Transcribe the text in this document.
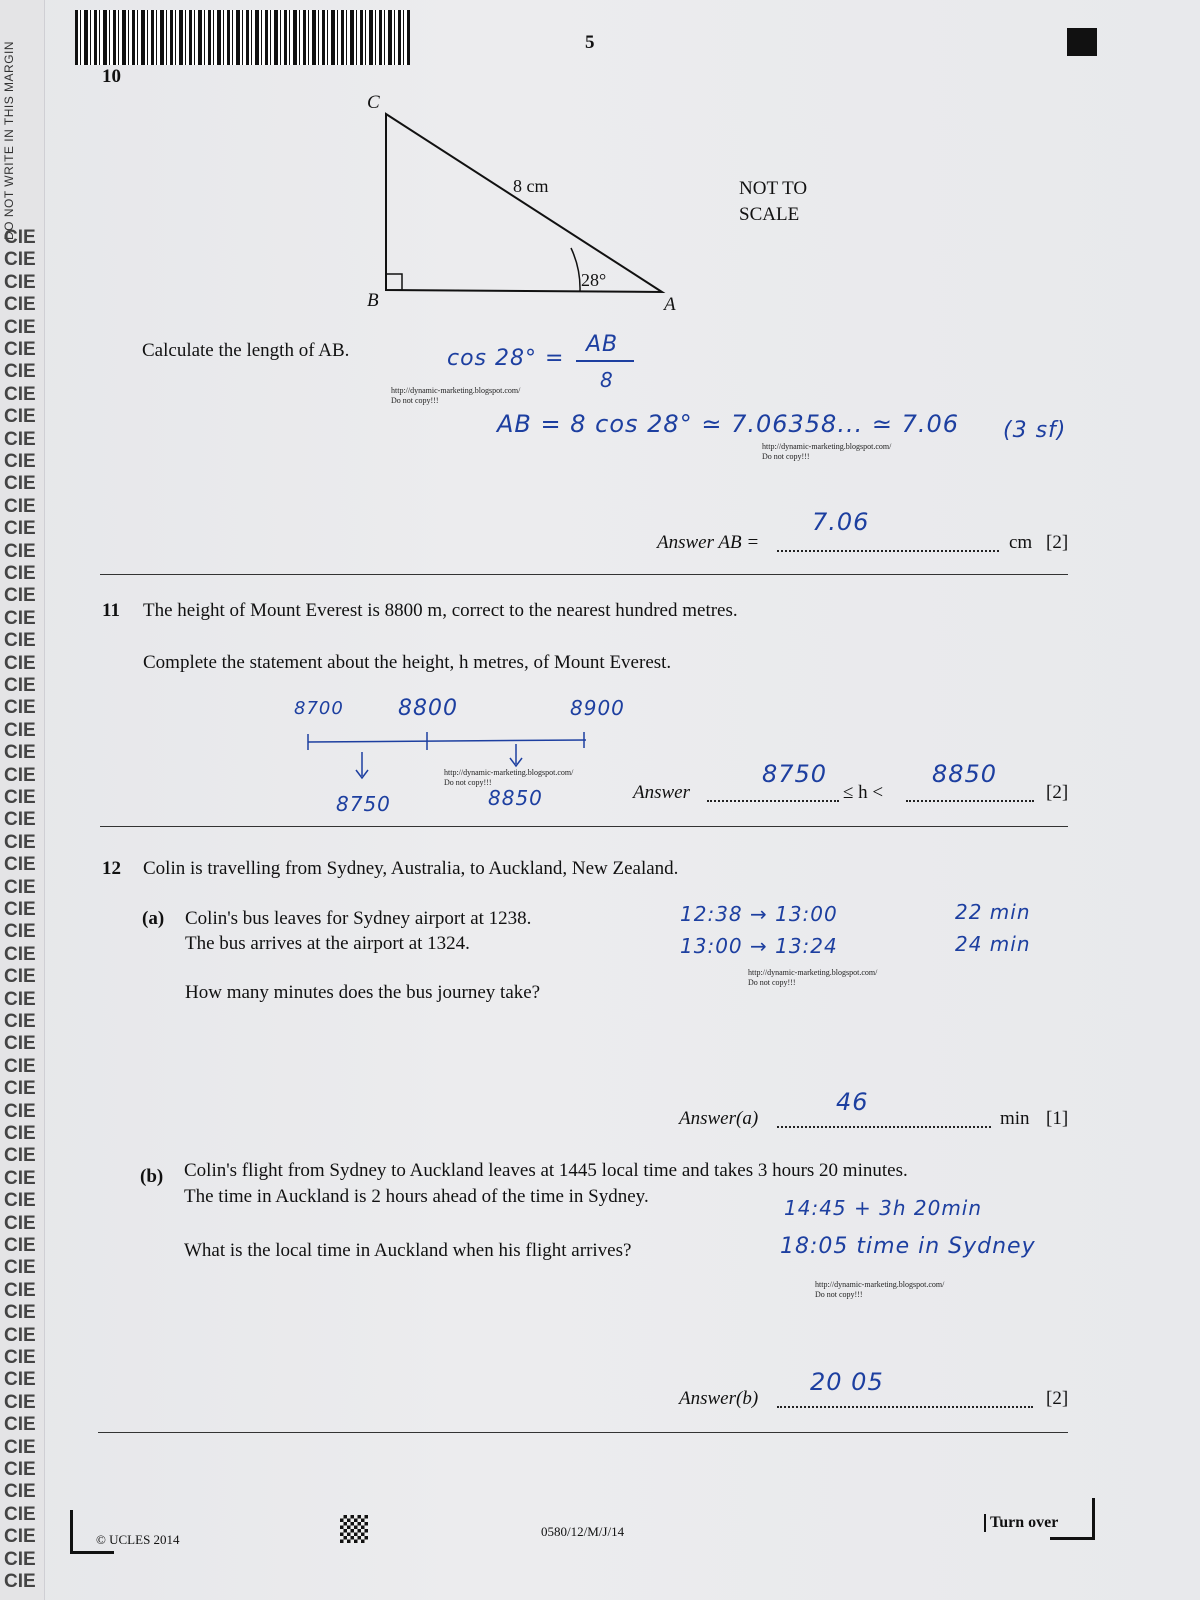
DO NOT WRITE IN THIS MARGIN
CIE
CIE
CIE
CIE
CIE
CIE
CIE
CIE
CIE
CIE
CIE
CIE
CIE
CIE
CIE
CIE
CIE
CIE
CIE
CIE
CIE
CIE
CIE
CIE
CIE
CIE
CIE
CIE
CIE
CIE
CIE
CIE
CIE
CIE
CIE
CIE
CIE
CIE
CIE
CIE
CIE
CIE
CIE
CIE
CIE
CIE
CIE
CIE
CIE
CIE
CIE
CIE
CIE
CIE
CIE
CIE
CIE
CIE
CIE
CIE
CIE
5
10
C
B	A
8 cm
28°
NOT TO
SCALE
Calculate the length of AB.	cos 28° =
AB
8
AB = 8 cos 28° ≃ 7.06358... ≃ 7.06 (3 sf)
http://dynamic-marketing.blogspot.com/
Do not copy!!!
http://dynamic-marketing.blogspot.com/
Do not copy!!!
Answer AB =
7.06
cm [2]
11 The height of Mount Everest is 8800 m, correct to the nearest hundred metres.
Complete the statement about the height, h metres, of Mount Everest.
8700 8800	8900
8750	8850
http://dynamic-marketing.blogspot.com/
Do not copy!!!	Answer
8750
≤ h <
8850
[2]
12 Colin is travelling from Sydney, Australia, to Auckland, New Zealand.
(a) Colin's bus leaves for Sydney airport at 1238.
The bus arrives at the airport at 1324.
How many minutes does the bus journey take?
12:38 → 13:00	22 min
13:00 → 13:24	24 min
http://dynamic-marketing.blogspot.com/
Do not copy!!!
Answer(a)
46
min [1]
(b) Colin's flight from Sydney to Auckland leaves at 1445 local time and takes 3 hours 20 minutes.
The time in Auckland is 2 hours ahead of the time in Sydney.
What is the local time in Auckland when his flight arrives?
14:45 + 3h 20min
18:05 time in Sydney
http://dynamic-marketing.blogspot.com/
Do not copy!!!
Answer(b)
20 05
[2]
© UCLES 2014
0580/12/M/J/14
Turn over
